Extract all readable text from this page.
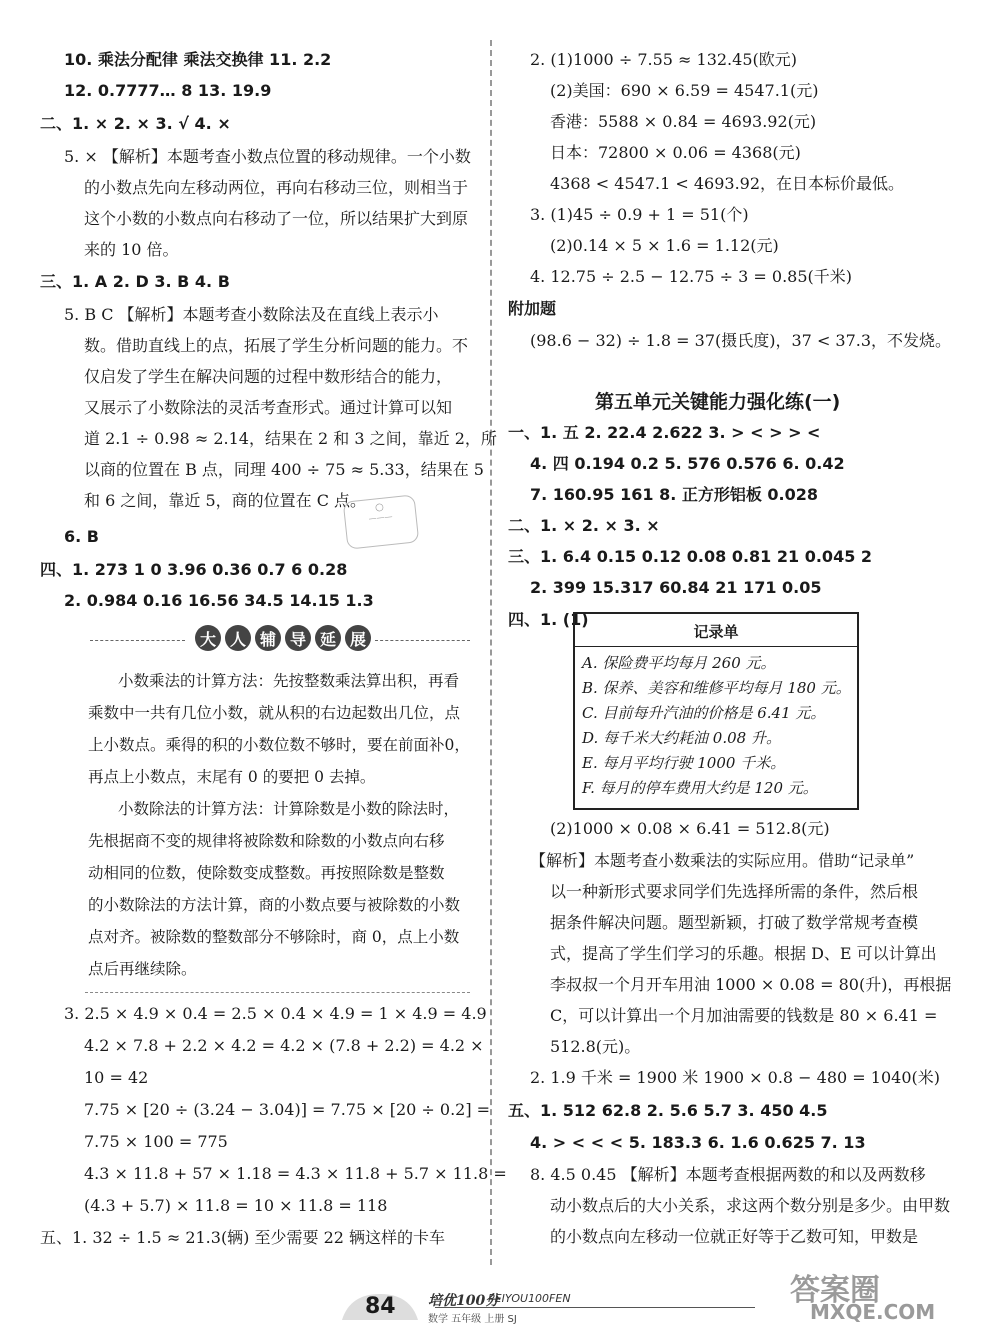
10. 乘法分配律 乘法交换律 11. 2.2
12. 0.7777… 8 13. 19.9
二、1. × 2. × 3. √ 4. ×
5. × 【解析】本题考查小数点位置的移动规律。一个小数
的小数点先向左移动两位，再向右移动三位，则相当于
这个小数的小数点向右移动了一位，所以结果扩大到原
来的 10 倍。
三、1. A 2. D 3. B 4. B
5. B C 【解析】本题考查小数除法及在直线上表示小
数。借助直线上的点，拓展了学生分析问题的能力。不
仅启发了学生在解决问题的过程中数形结合的能力，
又展示了小数除法的灵活考查形式。通过计算可以知
道 2.1 ÷ 0.98 ≈ 2.14，结果在 2 和 3 之间，靠近 2，所
以商的位置在 B 点，同理 400 ÷ 75 ≈ 5.33，结果在 5
和 6 之间，靠近 5，商的位置在 C 点。
6. B
四、1. 273 1 0 3.96 0.36 0.7 6 0.28
2. 0.984 0.16 16.56 34.5 14.15 1.3
○
———
大 人 辅 导 延 展
小数乘法的计算方法：先按整数乘法算出积，再看
乘数中一共有几位小数，就从积的右边起数出几位，点
上小数点。乘得的积的小数位数不够时，要在前面补0，
再点上小数点，末尾有 0 的要把 0 去掉。
小数除法的计算方法：计算除数是小数的除法时，
先根据商不变的规律将被除数和除数的小数点向右移
动相同的位数，使除数变成整数。再按照除数是整数
的小数除法的方法计算，商的小数点要与被除数的小数
点对齐。被除数的整数部分不够除时，商 0，点上小数
点后再继续除。
3. 2.5 × 4.9 × 0.4 = 2.5 × 0.4 × 4.9 = 1 × 4.9 = 4.9
4.2 × 7.8 + 2.2 × 4.2 = 4.2 × (7.8 + 2.2) = 4.2 ×
10 = 42
7.75 × [20 ÷ (3.24 − 3.04)] = 7.75 × [20 ÷ 0.2] =
7.75 × 100 = 775
4.3 × 11.8 + 57 × 1.18 = 4.3 × 11.8 + 5.7 × 11.8 =
(4.3 + 5.7) × 11.8 = 10 × 11.8 = 118
五、1. 32 ÷ 1.5 ≈ 21.3(辆) 至少需要 22 辆这样的卡车
2. (1)1000 ÷ 7.55 ≈ 132.45(欧元)
(2)美国：690 × 6.59 = 4547.1(元)
香港：5588 × 0.84 = 4693.92(元)
日本：72800 × 0.06 = 4368(元)
4368 < 4547.1 < 4693.92，在日本标价最低。
3. (1)45 ÷ 0.9 + 1 = 51(个)
(2)0.14 × 5 × 1.6 = 1.12(元)
4. 12.75 ÷ 2.5 − 12.75 ÷ 3 = 0.85(千米)
附加题
(98.6 − 32) ÷ 1.8 = 37(摄氏度)，37 < 37.3，不发烧。
第五单元关键能力强化练(一)
一、1. 五 2. 22.4 2.622 3. > < > > <
4. 四 0.194 0.2 5. 576 0.576 6. 0.42
7. 160.95 161 8. 正方形铝板 0.028
二、1. × 2. × 3. ×
三、1. 6.4 0.15 0.12 0.08 0.81 21 0.045 2
2. 399 15.317 60.84 21 171 0.05
四、1. (1)
记录单
A. 保险费平均每月 260 元。
B. 保养、美容和维修平均每月 180 元。
C. 目前每升汽油的价格是 6.41 元。
D. 每千米大约耗油 0.08 升。
E. 每月平均行驶 1000 千米。
F. 每月的停车费用大约是 120 元。
(2)1000 × 0.08 × 6.41 = 512.8(元)
【解析】本题考查小数乘法的实际应用。借助“记录单”
以一种新形式要求同学们先选择所需的条件，然后根
据条件解决问题。题型新颖，打破了数学常规考查模
式，提高了学生们学习的乐趣。根据 D、E 可以计算出
李叔叔一个月开车用油 1000 × 0.08 = 80(升)，再根据
C，可以计算出一个月加油需要的钱数是 80 × 6.41 =
512.8(元)。
2. 1.9 千米 = 1900 米 1900 × 0.8 − 480 = 1040(米)
五、1. 512 62.8 2. 5.6 5.7 3. 450 4.5
4. > < < < 5. 183.3 6. 1.6 0.625 7. 13
8. 4.5 0.45 【解析】本题考查根据两数的和以及两数移
动小数点后的大小关系，求这两个数分别是多少。由甲数
的小数点向左移动一位就正好等于乙数可知，甲数是
84 培优100分
PEIYOU100FEN
数学 五年级 上册 SJ
答案圈
MXQE.COM
